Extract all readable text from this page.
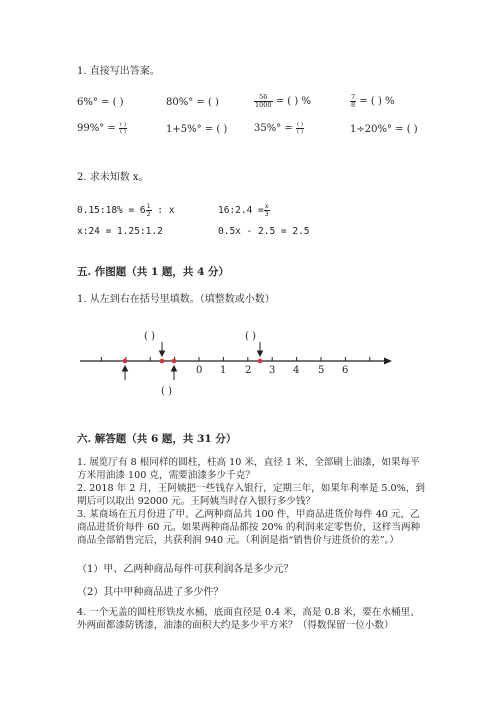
1. 直接写出答案。
6%° = ( )	80%° = ( )	$\frac{56}{1000}$ = ( ) %	$\frac{7}{8}$ = ( ) %
$99\%^\circ = \frac{( )}{( )}$	1+5%° = ( )	$35\%^\circ = \frac{( )}{( )}$	1÷20%° = ( )
2. 求未知数 x。
0.15:18% = $6 \frac{1}{2}$ : x	16:2.4 = $\frac{x}{3}$
x:24 = 1.25:1.2	0.5x - 2.5 = 2.5
五. 作图题（共 1 题，共 4 分）
1. 从左到右在括号里填数。（填整数或小数）
( )	( )
( )
0 1 2 3 4 5 6
六. 解答题（共 6 题，共 31 分）
1. 展览厅有 8 根同样的圆柱，柱高 10 米，直径 1 米，全部刷上油漆，如果每平方米用油漆 100 克，需要油漆多少千克？
2. 2018 年 2 月，王阿姨把一些钱存入银行，定期三年，如果年利率是 5.0%，到期后可以取出 92000 元。王阿姨当时存入银行多少钱？
3. 某商场在五月份进了甲、乙两种商品共 100 件，甲商品进货价每件 40 元，乙商品进货价每件 60 元。如果两种商品都按 20% 的利润来定零售价，这样当两种商品全部销售完后，共获利润 940 元。（利润是指“销售价与进货价的差”。）
（1）甲、乙两种商品每件可获利润各是多少元？
（2）其中甲种商品进了多少件？
4. 一个无盖的圆柱形铁皮水桶，底面直径是 0.4 米，高是 0.8 米，要在水桶里、外两面都漆防锈漆，油漆的面积大约是多少平方米？（得数保留一位小数）
